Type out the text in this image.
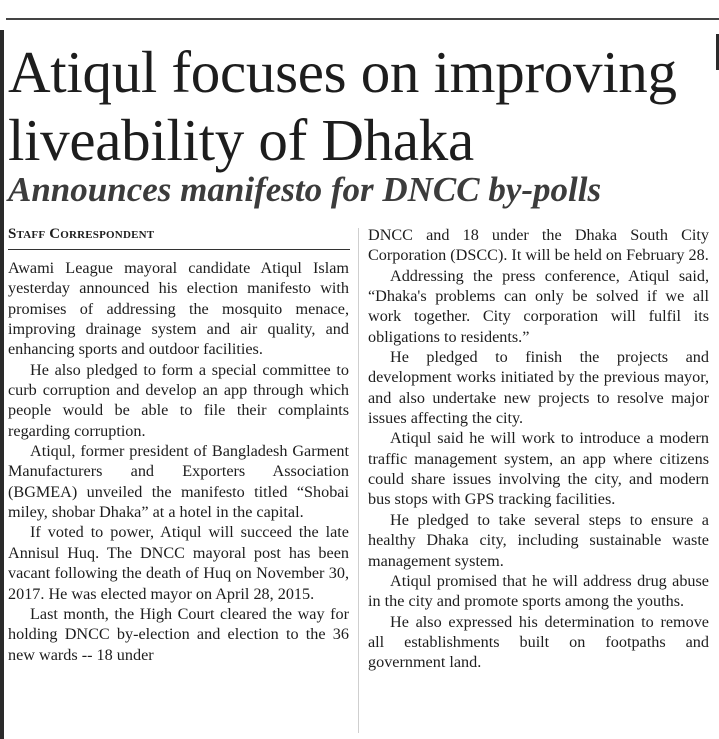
Atiqul focuses on improving liveability of Dhaka
Announces manifesto for DNCC by-polls
Staff Correspondent

Awami League mayoral candidate Atiqul Islam yesterday announced his election manifesto with promises of addressing the mosquito menace, improving drainage system and air quality, and enhancing sports and outdoor facilities.

He also pledged to form a special committee to curb corruption and develop an app through which people would be able to file their complaints regarding corruption.

Atiqul, former president of Bangladesh Garment Manufacturers and Exporters Association (BGMEA) unveiled the manifesto titled “Shobai miley, shobar Dhaka” at a hotel in the capital.

If voted to power, Atiqul will succeed the late Annisul Huq. The DNCC mayoral post has been vacant following the death of Huq on November 30, 2017. He was elected mayor on April 28, 2015.

Last month, the High Court cleared the way for holding DNCC by-election and election to the 36 new wards -- 18 under

DNCC and 18 under the Dhaka South City Corporation (DSCC). It will be held on February 28.

Addressing the press conference, Atiqul said, “Dhaka's problems can only be solved if we all work together. City corporation will fulfil its obligations to residents.”

He pledged to finish the projects and development works initiated by the previous mayor, and also undertake new projects to resolve major issues affecting the city.

Atiqul said he will work to introduce a modern traffic management system, an app where citizens could share issues involving the city, and modern bus stops with GPS tracking facilities.

He pledged to take several steps to ensure a healthy Dhaka city, including sustainable waste management system.

Atiqul promised that he will address drug abuse in the city and promote sports among the youths.

He also expressed his determination to remove all establishments built on footpaths and government land.
